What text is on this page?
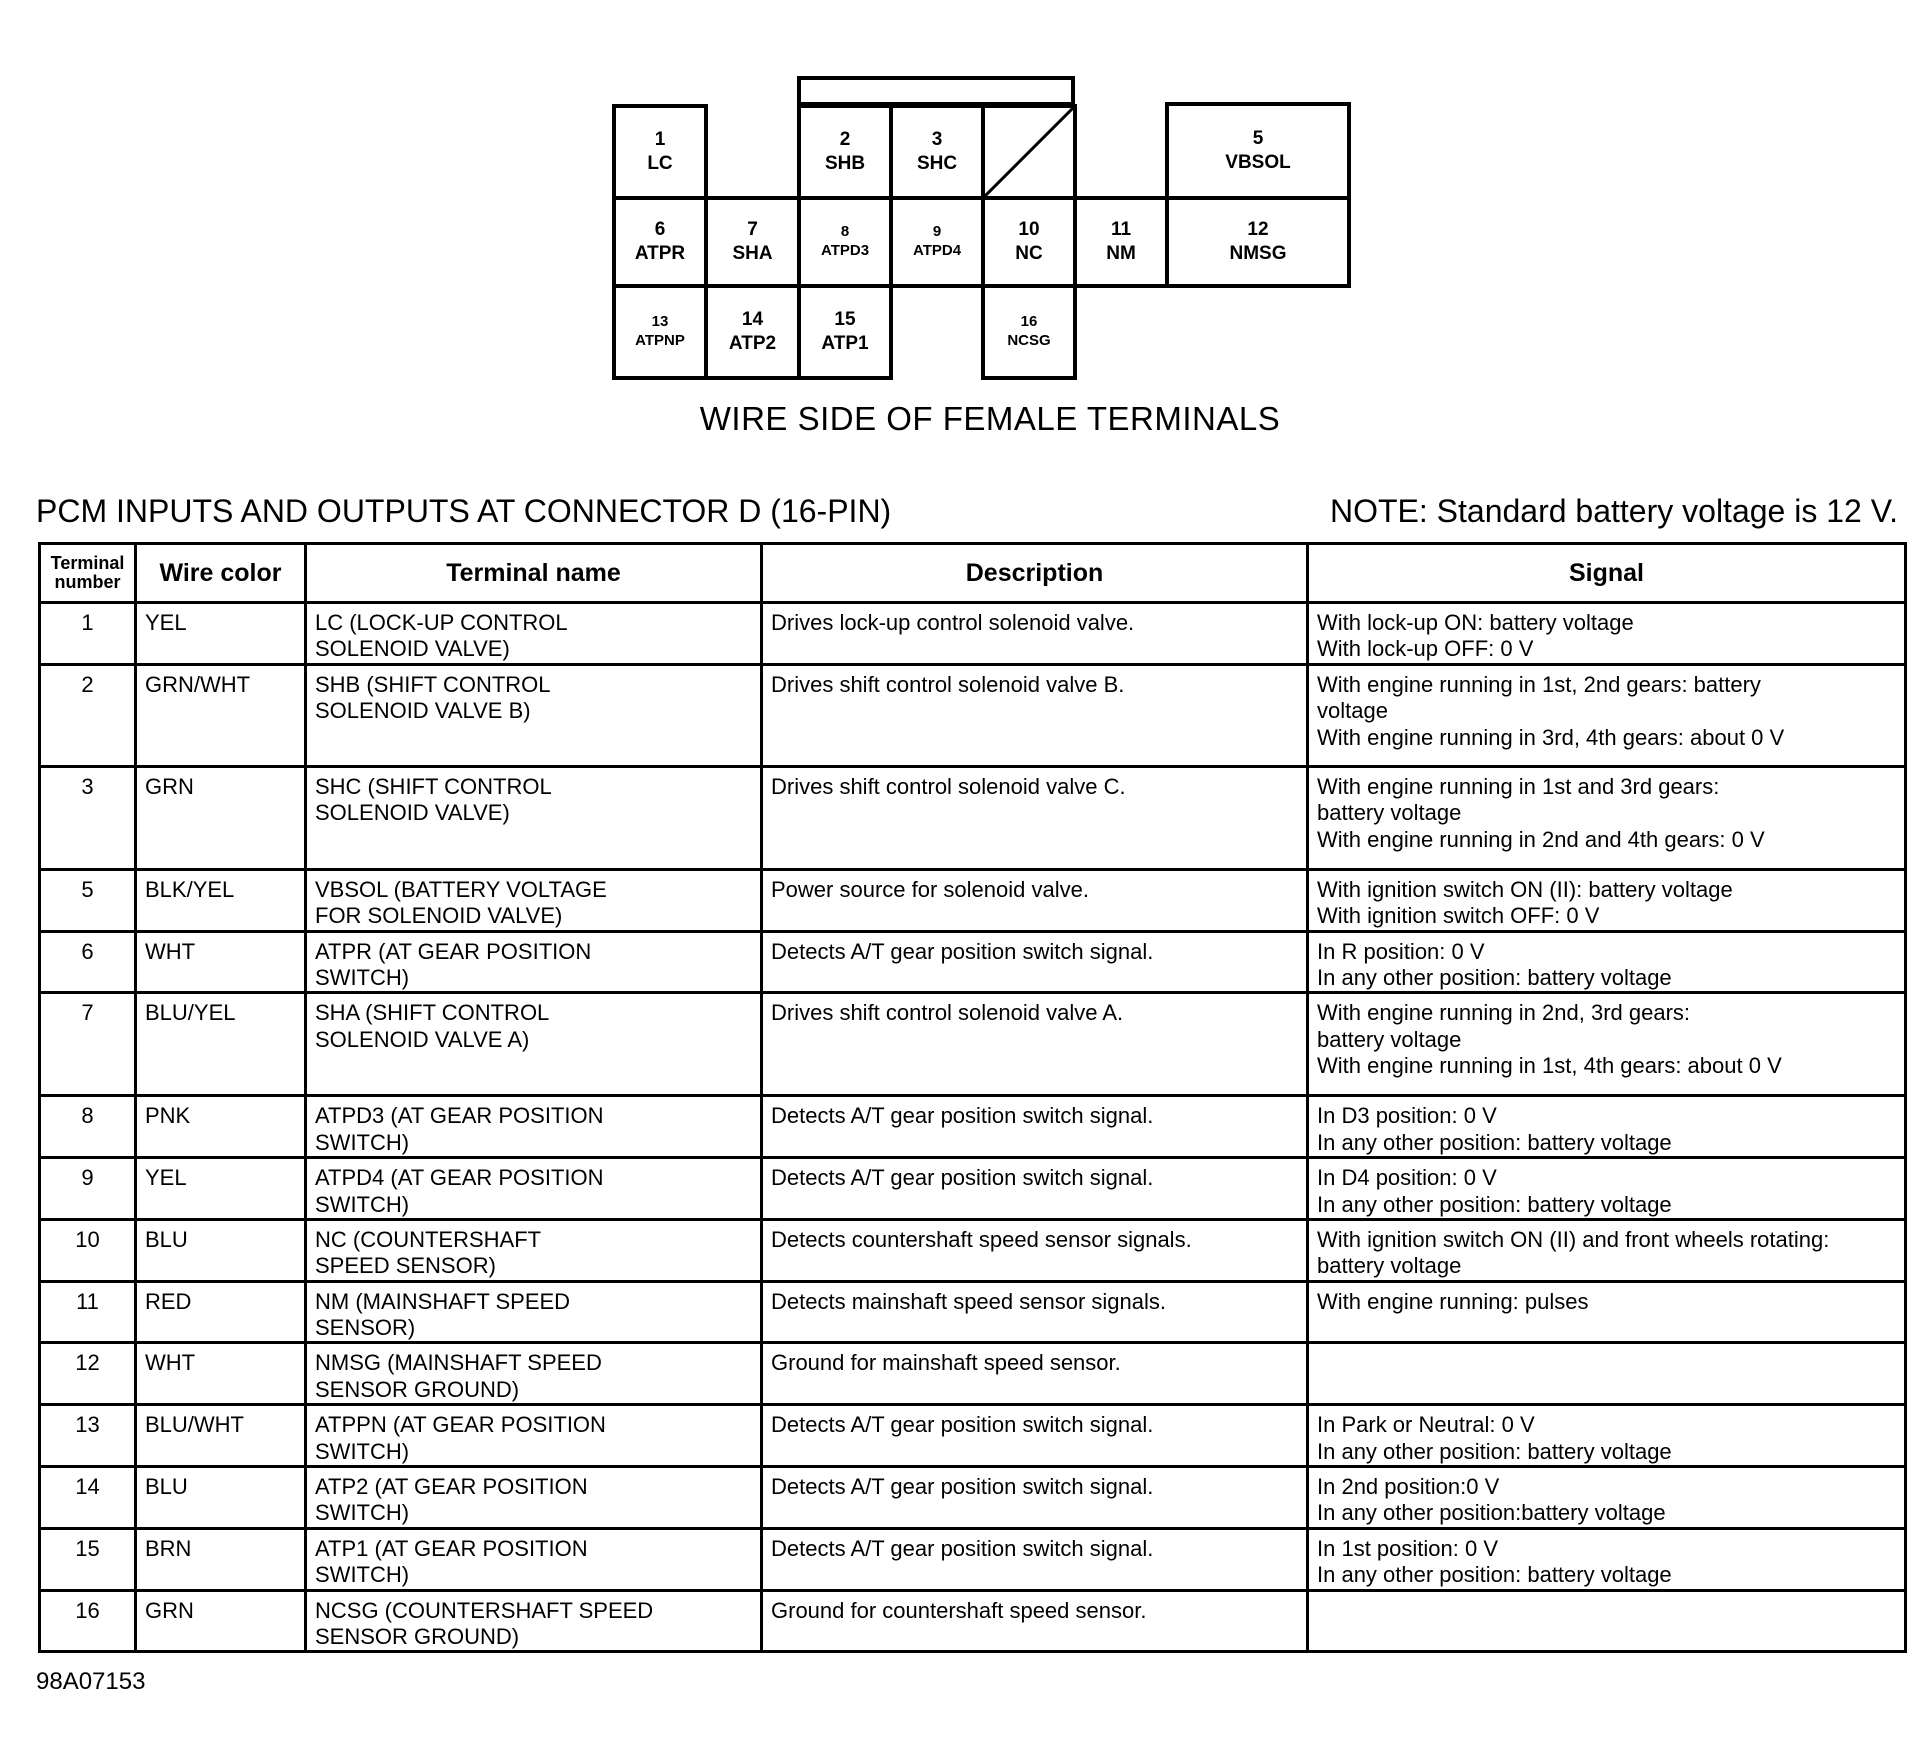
1
LC
2
SHB
3
SHC
5
VBSOL
6
ATPR
7
SHA
8
ATPD3
9
ATPD4
10
NC
11
NM
12
NMSG
13
ATPNP
14
ATP2
15
ATP1
16
NCSG
WIRE SIDE OF FEMALE TERMINALS
PCM INPUTS AND OUTPUTS AT CONNECTOR D (16-PIN)	NOTE: Standard battery voltage is 12 V.
Terminal
number	Wire color	Terminal name	Description	Signal
1	YEL	LC (LOCK-UP CONTROL
SOLENOID VALVE)	Drives lock-up control solenoid valve.	With lock-up ON: battery voltage
With lock-up OFF: 0 V
2	GRN/WHT	SHB (SHIFT CONTROL
SOLENOID VALVE B)	Drives shift control solenoid valve B.	With engine running in 1st, 2nd gears: battery
voltage
With engine running in 3rd, 4th gears: about 0 V
3	GRN	SHC (SHIFT CONTROL
SOLENOID VALVE)	Drives shift control solenoid valve C.	With engine running in 1st and 3rd gears:
battery voltage
With engine running in 2nd and 4th gears: 0 V
5	BLK/YEL	VBSOL (BATTERY VOLTAGE
FOR SOLENOID VALVE)	Power source for solenoid valve.	With ignition switch ON (II): battery voltage
With ignition switch OFF: 0 V
6	WHT	ATPR (AT GEAR POSITION
SWITCH)	Detects A/T gear position switch signal.	In R position: 0 V
In any other position: battery voltage
7	BLU/YEL	SHA (SHIFT CONTROL
SOLENOID VALVE A)	Drives shift control solenoid valve A.	With engine running in 2nd, 3rd gears:
battery voltage
With engine running in 1st, 4th gears: about 0 V
8	PNK	ATPD3 (AT GEAR POSITION
SWITCH)	Detects A/T gear position switch signal.	In D3 position: 0 V
In any other position: battery voltage
9	YEL	ATPD4 (AT GEAR POSITION
SWITCH)	Detects A/T gear position switch signal.	In D4 position: 0 V
In any other position: battery voltage
10	BLU	NC (COUNTERSHAFT
SPEED SENSOR)	Detects countershaft speed sensor signals.	With ignition switch ON (II) and front wheels rotating:
battery voltage
11	RED	NM (MAINSHAFT SPEED
SENSOR)	Detects mainshaft speed sensor signals.	With engine running: pulses
12	WHT	NMSG (MAINSHAFT SPEED
SENSOR GROUND)	Ground for mainshaft speed sensor.	
13	BLU/WHT	ATPPN (AT GEAR POSITION
SWITCH)	Detects A/T gear position switch signal.	In Park or Neutral: 0 V
In any other position: battery voltage
14	BLU	ATP2 (AT GEAR POSITION
SWITCH)	Detects A/T gear position switch signal.	In 2nd position:0 V
In any other position:battery voltage
15	BRN	ATP1 (AT GEAR POSITION
SWITCH)	Detects A/T gear position switch signal.	In 1st position: 0 V
In any other position: battery voltage
16	GRN	NCSG (COUNTERSHAFT SPEED
SENSOR GROUND)	Ground for countershaft speed sensor.	
98A07153
